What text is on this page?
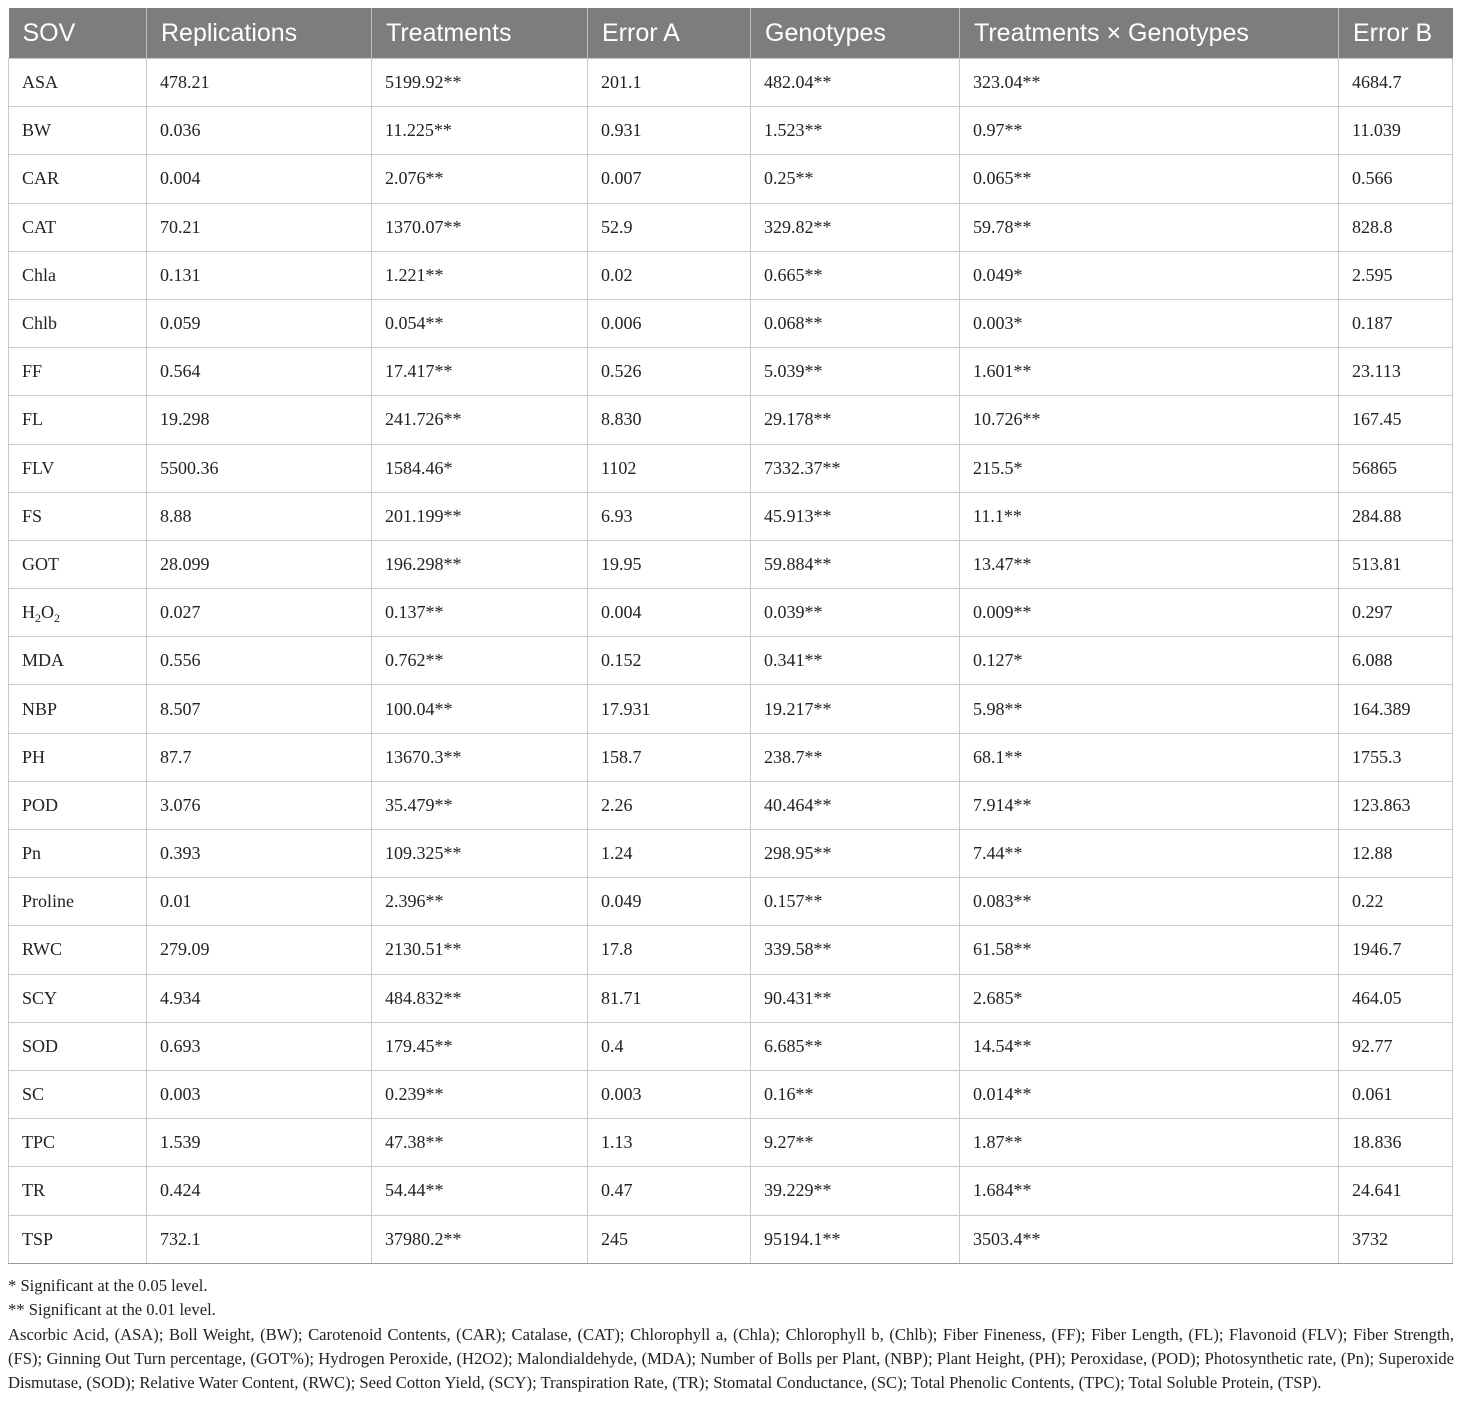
SOV	Replications	Treatments	Error A	Genotypes	Treatments × Genotypes	Error B
ASA	478.21	5199.92**	201.1	482.04**	323.04**	4684.7
BW	0.036	11.225**	0.931	1.523**	0.97**	11.039
CAR	0.004	2.076**	0.007	0.25**	0.065**	0.566
CAT	70.21	1370.07**	52.9	329.82**	59.78**	828.8
Chla	0.131	1.221**	0.02	0.665**	0.049*	2.595
Chlb	0.059	0.054**	0.006	0.068**	0.003*	0.187
FF	0.564	17.417**	0.526	5.039**	1.601**	23.113
FL	19.298	241.726**	8.830	29.178**	10.726**	167.45
FLV	5500.36	1584.46*	1102	7332.37**	215.5*	56865
FS	8.88	201.199**	6.93	45.913**	11.1**	284.88
GOT	28.099	196.298**	19.95	59.884**	13.47**	513.81
$H_2O_2$	0.027	0.137**	0.004	0.039**	0.009**	0.297
MDA	0.556	0.762**	0.152	0.341**	0.127*	6.088
NBP	8.507	100.04**	17.931	19.217**	5.98**	164.389
PH	87.7	13670.3**	158.7	238.7**	68.1**	1755.3
POD	3.076	35.479**	2.26	40.464**	7.914**	123.863
Pn	0.393	109.325**	1.24	298.95**	7.44**	12.88
Proline	0.01	2.396**	0.049	0.157**	0.083**	0.22
RWC	279.09	2130.51**	17.8	339.58**	61.58**	1946.7
SCY	4.934	484.832**	81.71	90.431**	2.685*	464.05
SOD	0.693	179.45**	0.4	6.685**	14.54**	92.77
SC	0.003	0.239**	0.003	0.16**	0.014**	0.061
TPC	1.539	47.38**	1.13	9.27**	1.87**	18.836
TR	0.424	54.44**	0.47	39.229**	1.684**	24.641
TSP	732.1	37980.2**	245	95194.1**	3503.4**	3732
* Significant at the 0.05 level.
** Significant at the 0.01 level.
Ascorbic Acid, (ASA); Boll Weight, (BW); Carotenoid Contents, (CAR); Catalase, (CAT); Chlorophyll a, (Chla); Chlorophyll b, (Chlb); Fiber Fineness, (FF); Fiber Length, (FL); Flavonoid (FLV); Fiber Strength, (FS); Ginning Out Turn percentage, (GOT%); Hydrogen Peroxide, (H2O2); Malondialdehyde, (MDA); Number of Bolls per Plant, (NBP); Plant Height, (PH); Peroxidase, (POD); Photosynthetic rate, (Pn); Superoxide Dismutase, (SOD); Relative Water Content, (RWC); Seed Cotton Yield, (SCY); Transpiration Rate, (TR); Stomatal Conductance, (SC); Total Phenolic Contents, (TPC); Total Soluble Protein, (TSP).
